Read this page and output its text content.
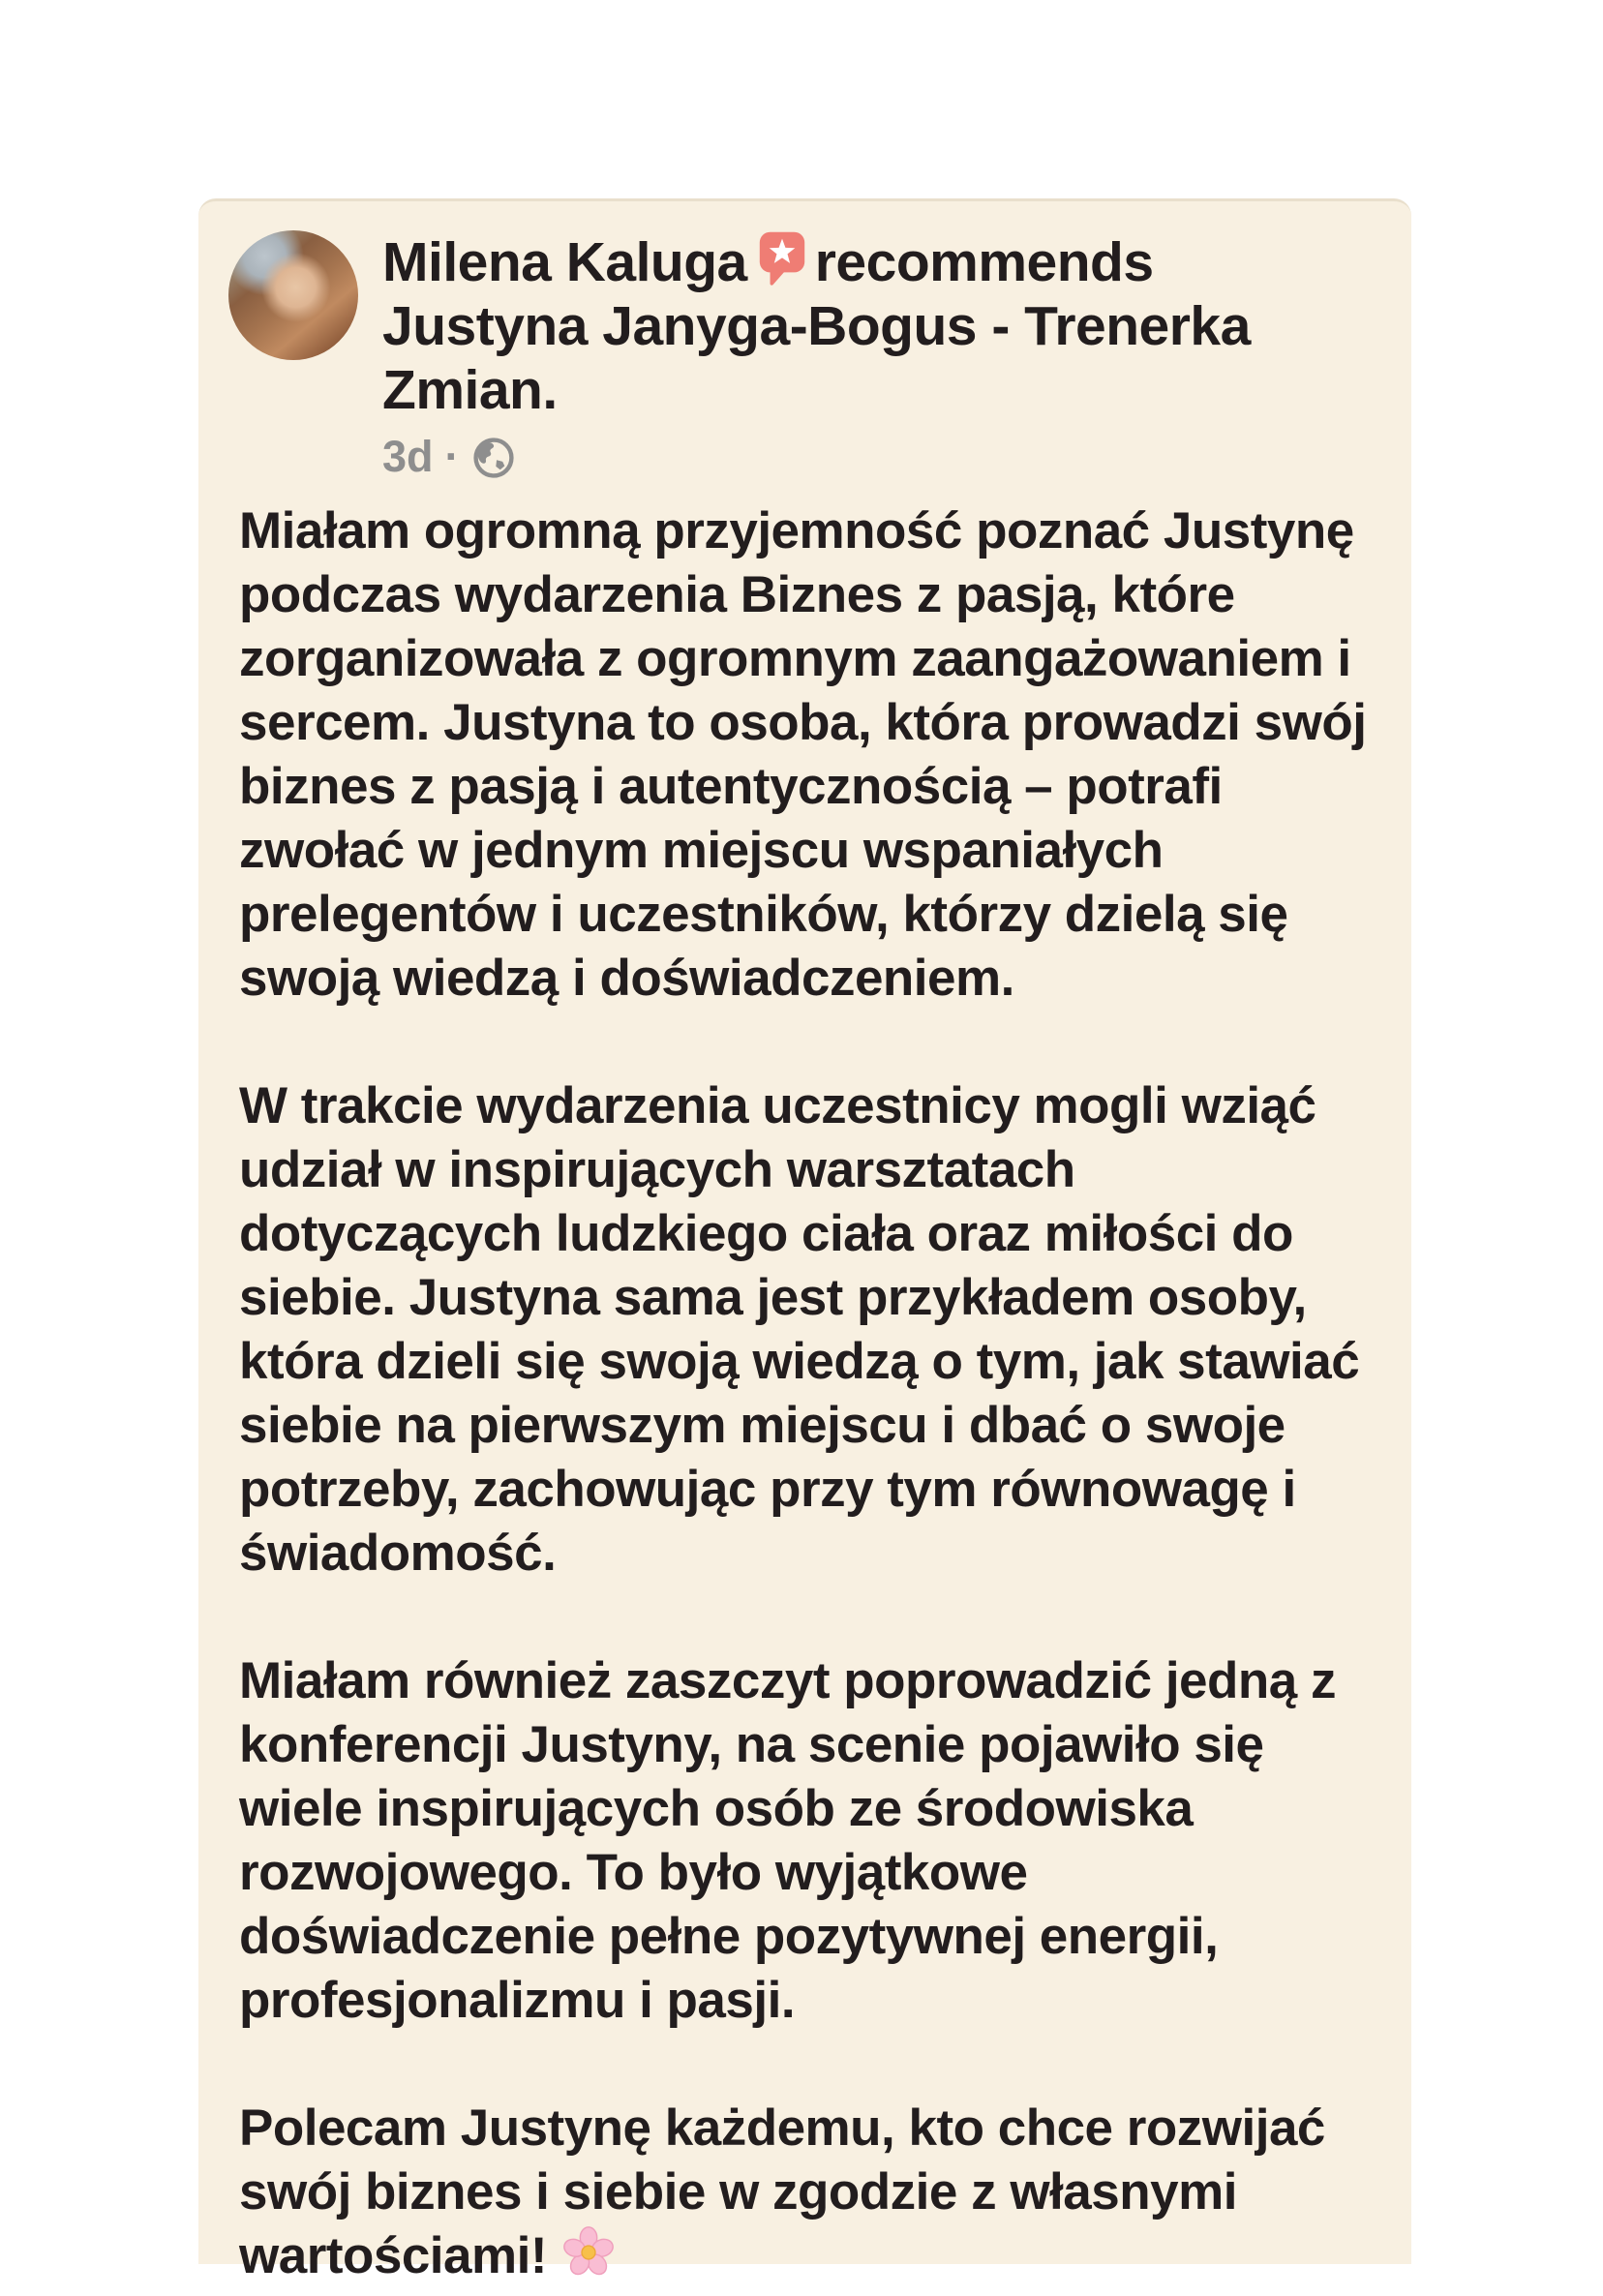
Milena Kaluga recommends Justyna Janyga-Bogus - Trenerka Zmian.
3d ·

Miałam ogromną przyjemność poznać Justynę podczas wydarzenia Biznes z pasją, które zorganizowała z ogromnym zaangażowaniem i sercem. Justyna to osoba, która prowadzi swój biznes z pasją i autentycznością – potrafi zwołać w jednym miejscu wspaniałych prelegentów i uczestników, którzy dzielą się swoją wiedzą i doświadczeniem.

W trakcie wydarzenia uczestnicy mogli wziąć udział w inspirujących warsztatach dotyczących ludzkiego ciała oraz miłości do siebie. Justyna sama jest przykładem osoby, która dzieli się swoją wiedzą o tym, jak stawiać siebie na pierwszym miejscu i dbać o swoje potrzeby, zachowując przy tym równowagę i świadomość.

Miałam również zaszczyt poprowadzić jedną z konferencji Justyny, na scenie pojawiło się wiele inspirujących osób ze środowiska rozwojowego. To było wyjątkowe doświadczenie pełne pozytywnej energii, profesjonalizmu i pasji.

Polecam Justynę każdemu, kto chce rozwijać swój biznes i siebie w zgodzie z własnymi wartościami!
